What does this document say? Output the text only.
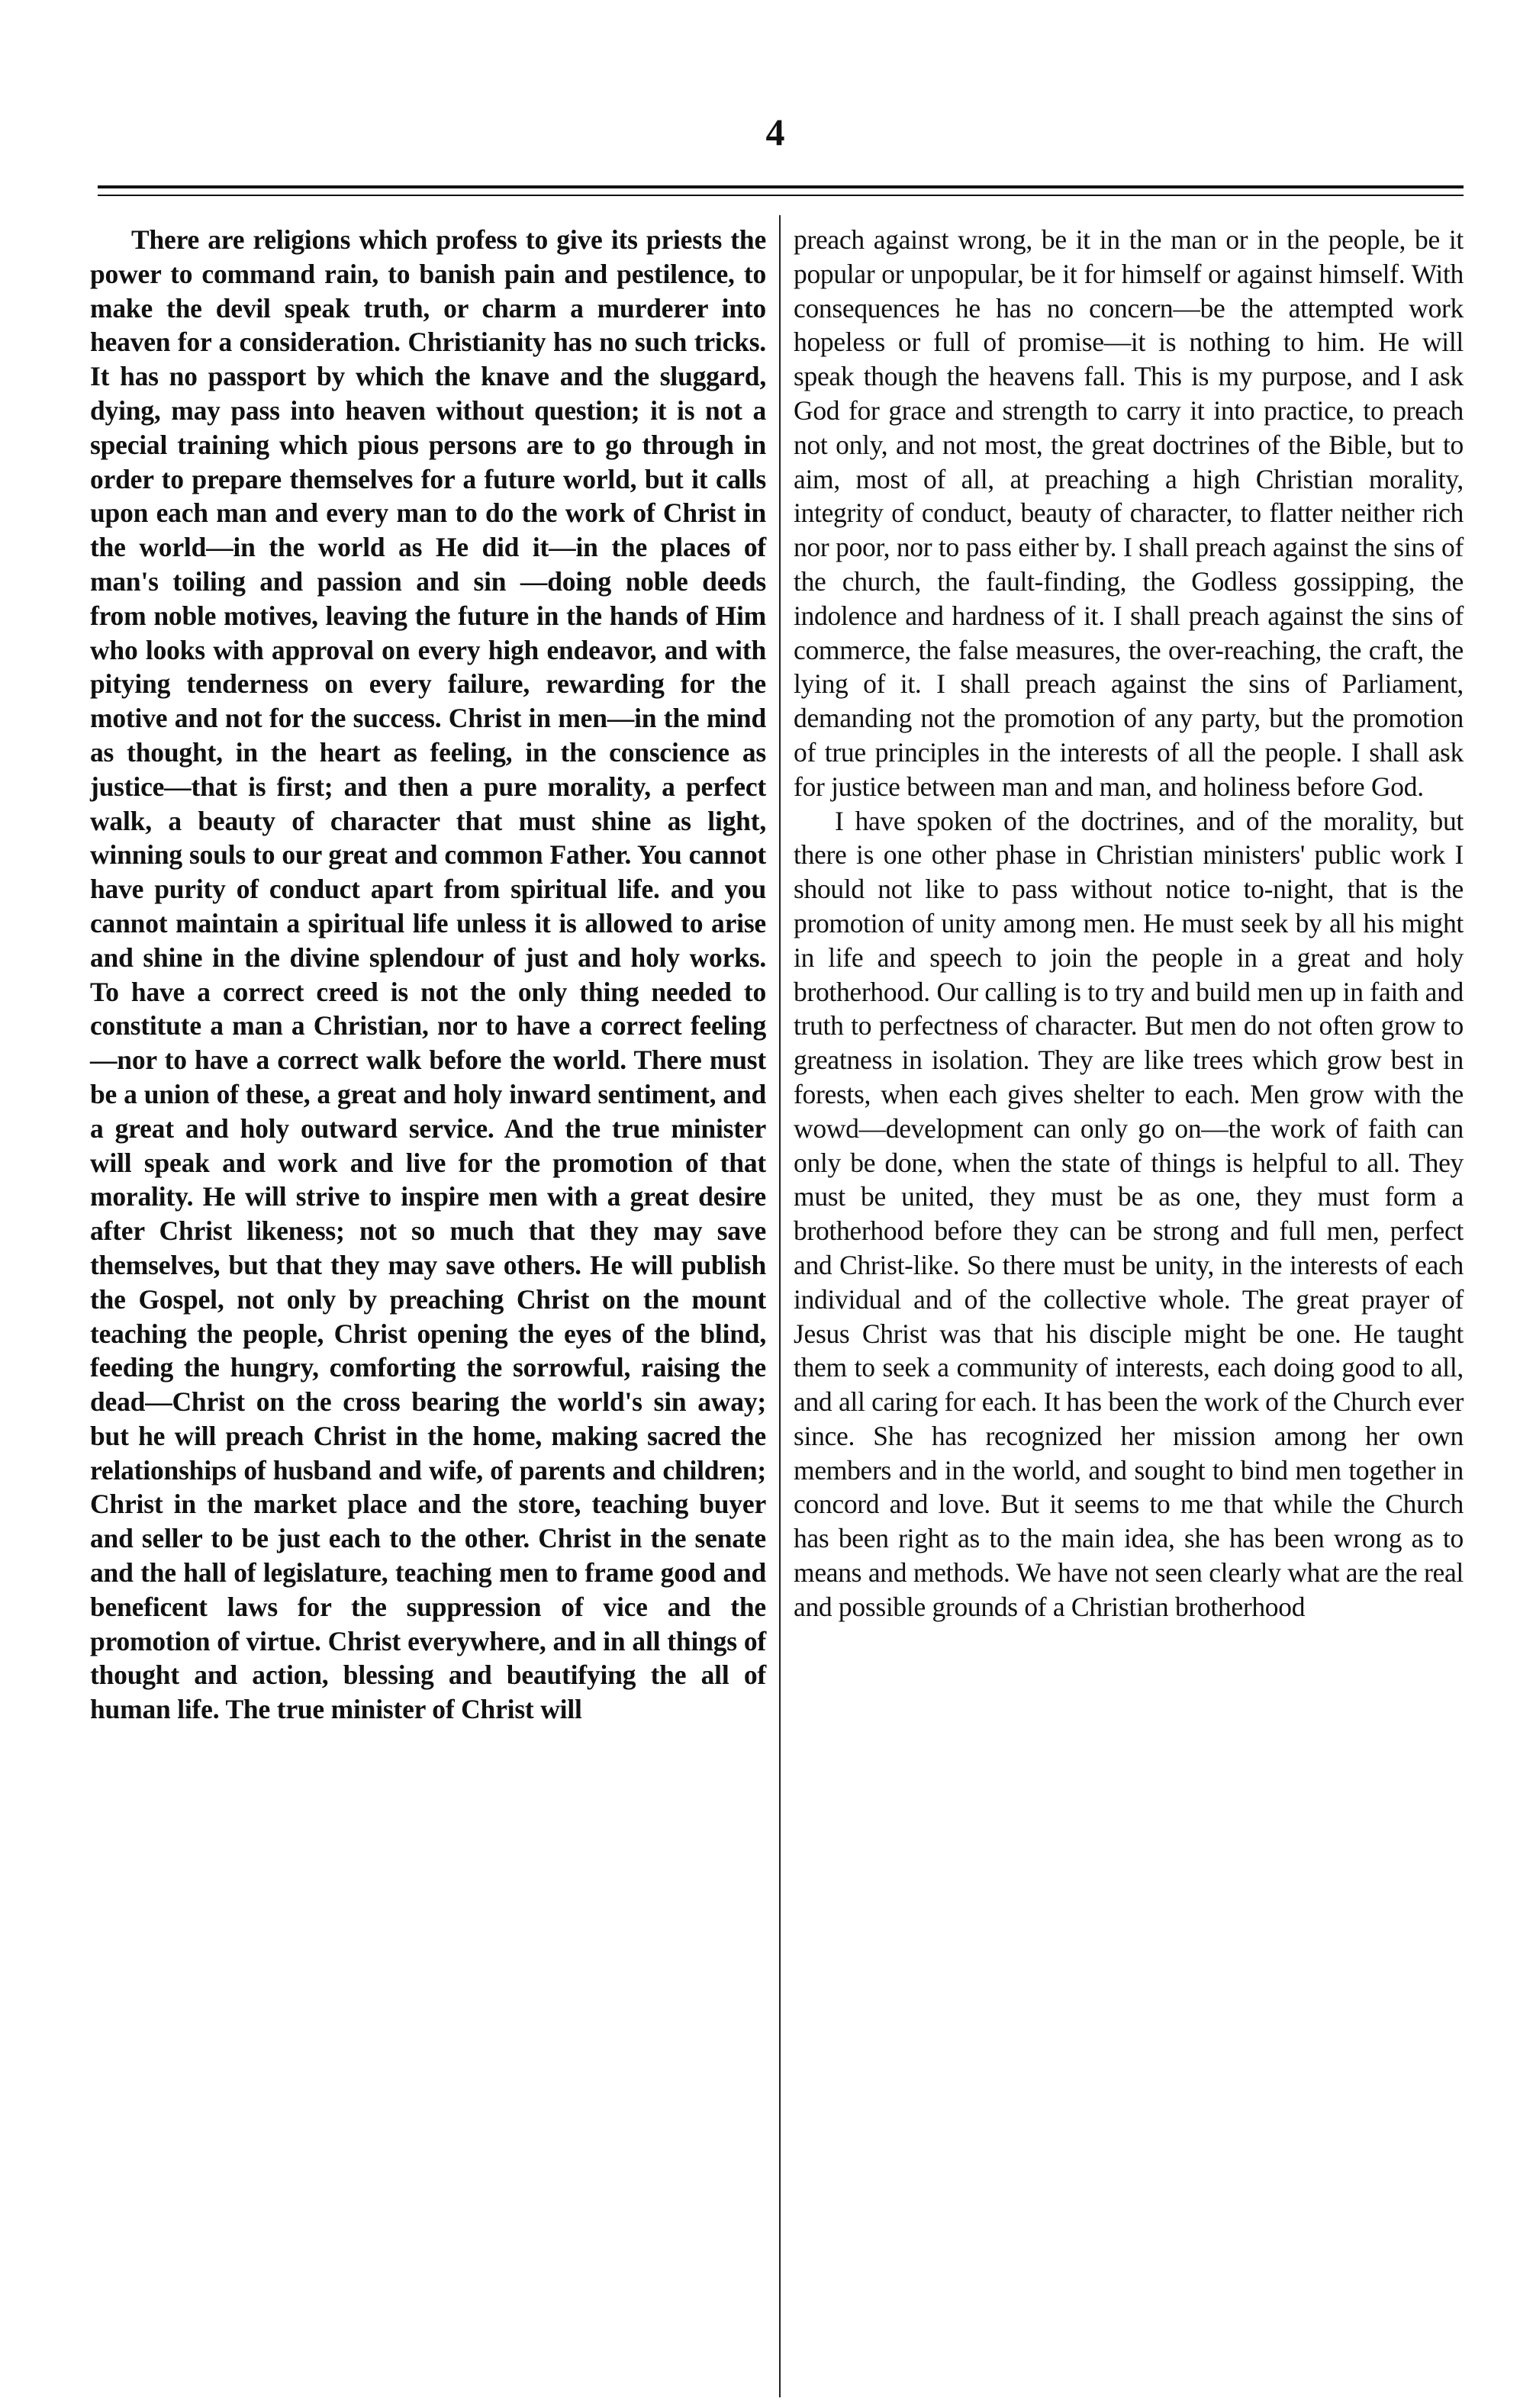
4

There are religions which profess to give its priests the power to command rain, to banish pain and pestilence, to make the devil speak truth, or charm a murderer into heaven for a consideration. Christianity has no such tricks. It has no passport by which the knave and the sluggard, dying, may pass into heaven without question; it is not a special training which pious persons are to go through in order to prepare themselves for a future world, but it calls upon each man and every man to do the work of Christ in the world—in the world as He did it—in the places of man's toiling and passion and sin —doing noble deeds from noble motives, leaving the future in the hands of Him who looks with approval on every high endeavor, and with pitying tenderness on every failure, rewarding for the motive and not for the success. Christ in men—in the mind as thought, in the heart as feeling, in the conscience as justice—that is first; and then a pure morality, a perfect walk, a beauty of character that must shine as light, winning souls to our great and common Father. You cannot have purity of conduct apart from spiritual life. and you cannot maintain a spiritual life unless it is allowed to arise and shine in the divine splendour of just and holy works. To have a correct creed is not the only thing needed to constitute a man a Christian, nor to have a correct feeling—nor to have a correct walk before the world. There must be a union of these, a great and holy inward sentiment, and a great and holy outward service. And the true minister will speak and work and live for the promotion of that morality. He will strive to inspire men with a great desire after Christ likeness; not so much that they may save themselves, but that they may save others. He will publish the Gospel, not only by preaching Christ on the mount teaching the people, Christ opening the eyes of the blind, feeding the hungry, comforting the sorrowful, raising the dead—Christ on the cross bearing the world's sin away; but he will preach Christ in the home, making sacred the relationships of husband and wife, of parents and children; Christ in the market place and the store, teaching buyer and seller to be just each to the other. Christ in the senate and the hall of legislature, teaching men to frame good and beneficent laws for the suppression of vice and the promotion of virtue. Christ everywhere, and in all things of thought and action, blessing and beautifying the all of human life. The true minister of Christ will

preach against wrong, be it in the man or in the people, be it popular or unpopular, be it for himself or against himself. With consequences he has no concern—be the attempted work hopeless or full of promise—it is nothing to him. He will speak though the heavens fall. This is my purpose, and I ask God for grace and strength to carry it into practice, to preach not only, and not most, the great doctrines of the Bible, but to aim, most of all, at preaching a high Christian morality, integrity of conduct, beauty of character, to flatter neither rich nor poor, nor to pass either by. I shall preach against the sins of the church, the fault-finding, the Godless gossipping, the indolence and hardness of it. I shall preach against the sins of commerce, the false measures, the over-reaching, the craft, the lying of it. I shall preach against the sins of Parliament, demanding not the promotion of any party, but the promotion of true principles in the interests of all the people. I shall ask for justice between man and man, and holiness before God.

I have spoken of the doctrines, and of the morality, but there is one other phase in Christian ministers' public work I should not like to pass without notice to-night, that is the promotion of unity among men. He must seek by all his might in life and speech to join the people in a great and holy brotherhood. Our calling is to try and build men up in faith and truth to perfectness of character. But men do not often grow to greatness in isolation. They are like trees which grow best in forests, when each gives shelter to each. Men grow with the wowd—development can only go on—the work of faith can only be done, when the state of things is helpful to all. They must be united, they must be as one, they must form a brotherhood before they can be strong and full men, perfect and Christ-like. So there must be unity, in the interests of each individual and of the collective whole. The great prayer of Jesus Christ was that his disciple might be one. He taught them to seek a community of interests, each doing good to all, and all caring for each. It has been the work of the Church ever since. She has recognized her mission among her own members and in the world, and sought to bind men together in concord and love. But it seems to me that while the Church has been right as to the main idea, she has been wrong as to means and methods. We have not seen clearly what are the real and possible grounds of a Christian brotherhood
